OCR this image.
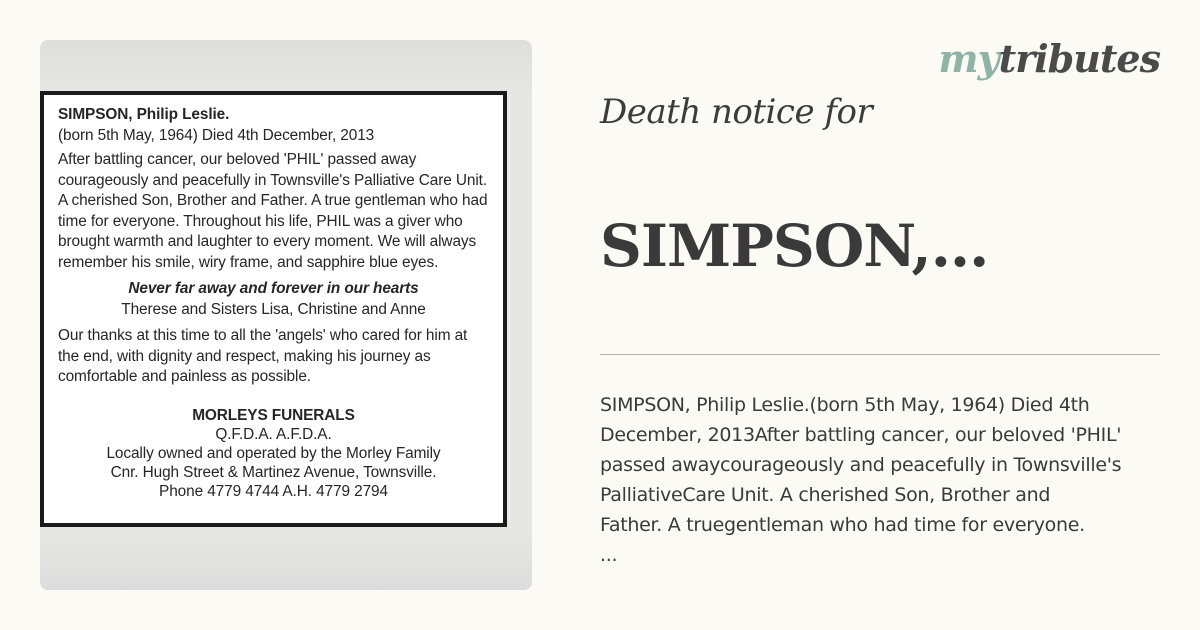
SIMPSON, Philip Leslie.

(born 5th May, 1964) Died 4th December, 2013

After battling cancer, our beloved 'PHIL' passed away courageously and peacefully in Townsville's Palliative Care Unit. A cherished Son, Brother and Father. A true gentleman who had time for everyone. Throughout his life, PHIL was a giver who brought warmth and laughter to every moment. We will always remember his smile, wiry frame, and sapphire blue eyes.

Never far away and forever in our hearts

Therese and Sisters Lisa, Christine and Anne

Our thanks at this time to all the 'angels' who cared for him at the end, with dignity and respect, making his journey as comfortable and painless as possible.

MORLEYS FUNERALS
Q.F.D.A. A.F.D.A.
Locally owned and operated by the Morley Family
Cnr. Hugh Street & Martinez Avenue, Townsville.
Phone 4779 4744 A.H. 4779 2794
mytributes
Death notice for
SIMPSON,...
SIMPSON, Philip Leslie.(born 5th May, 1964) Died 4th
December, 2013After battling cancer, our beloved 'PHIL'
passed awaycourageously and peacefully in Townsville's
PalliativeCare Unit. A cherished Son, Brother and
Father. A truegentleman who had time for everyone.
...
